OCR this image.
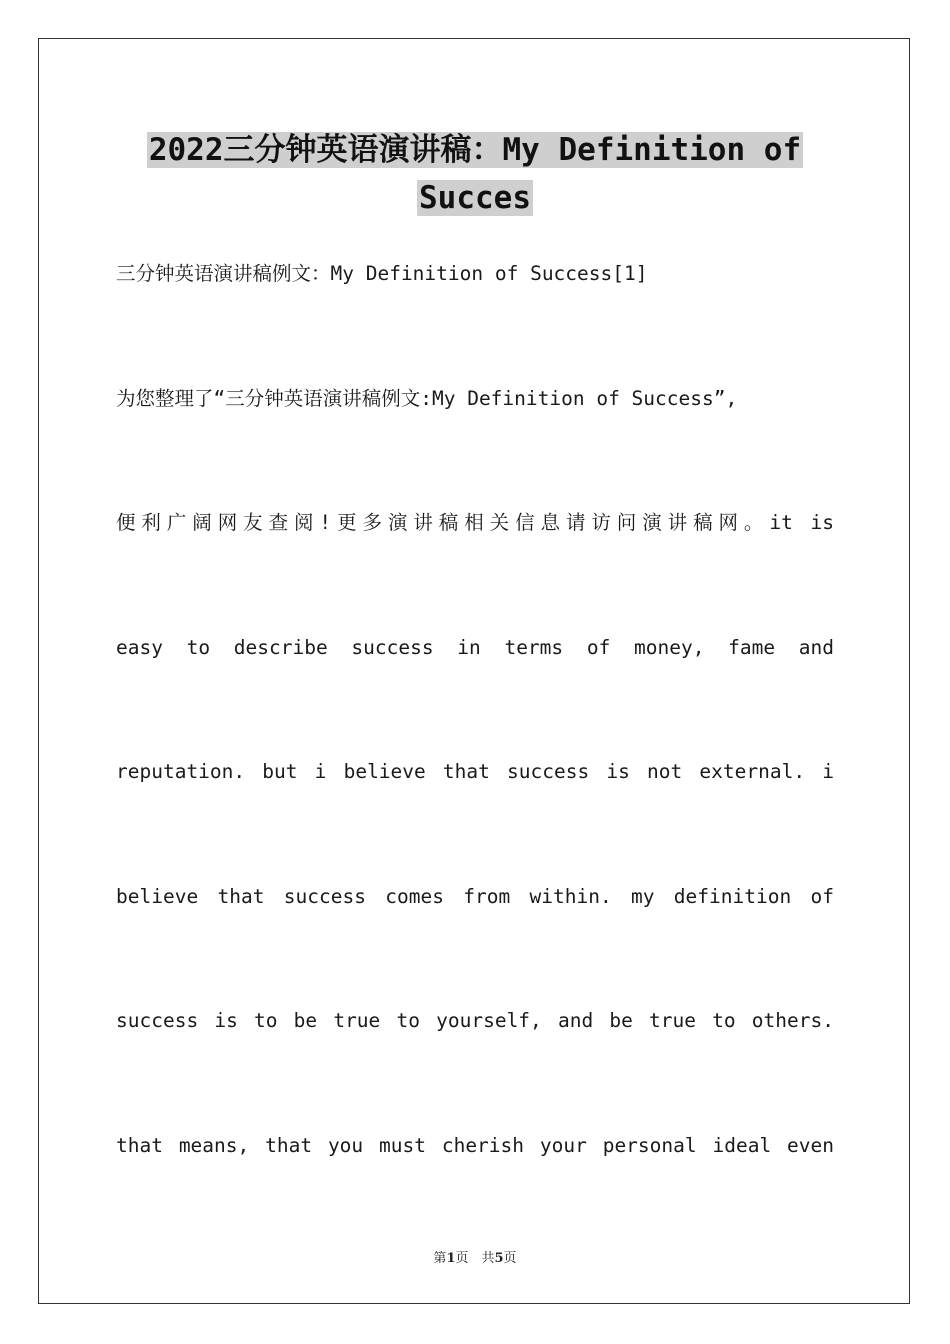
2022三分钟英语演讲稿：My Definition of
Succes
三分钟英语演讲稿例文：My Definition of Success[1]
为您整理了“三分钟英语演讲稿例文:My Definition of Success”,
便利广阔网友查阅!更多演讲稿相关信息请访问演讲稿网。it is
easy to describe success in terms of money, fame and
reputation. but i believe that success is not external. i
believe that success comes from within. my definition of
success is to be true to yourself, and be true to others.
that means, that you must cherish your personal ideal even
第1页　共5页
